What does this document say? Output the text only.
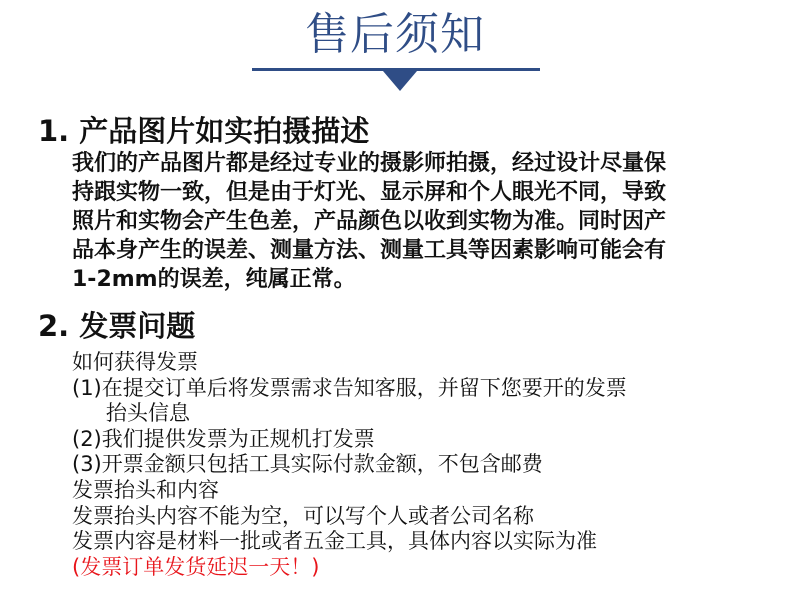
售后须知
1. 产品图片如实拍摄描述
我们的产品图片都是经过专业的摄影师拍摄，经过设计尽量保
持跟实物一致，但是由于灯光、显示屏和个人眼光不同，导致
照片和实物会产生色差，产品颜色以收到实物为准。同时因产
品本身产生的误差、测量方法、测量工具等因素影响可能会有
1-2mm的误差，纯属正常。
2. 发票问题
如何获得发票
(1)在提交订单后将发票需求告知客服，并留下您要开的发票
抬头信息
(2)我们提供发票为正规机打发票
(3)开票金额只包括工具实际付款金额，不包含邮费
发票抬头和内容
发票抬头内容不能为空，可以写个人或者公司名称
发票内容是材料一批或者五金工具，具体内容以实际为准
(发票订单发货延迟一天！)
